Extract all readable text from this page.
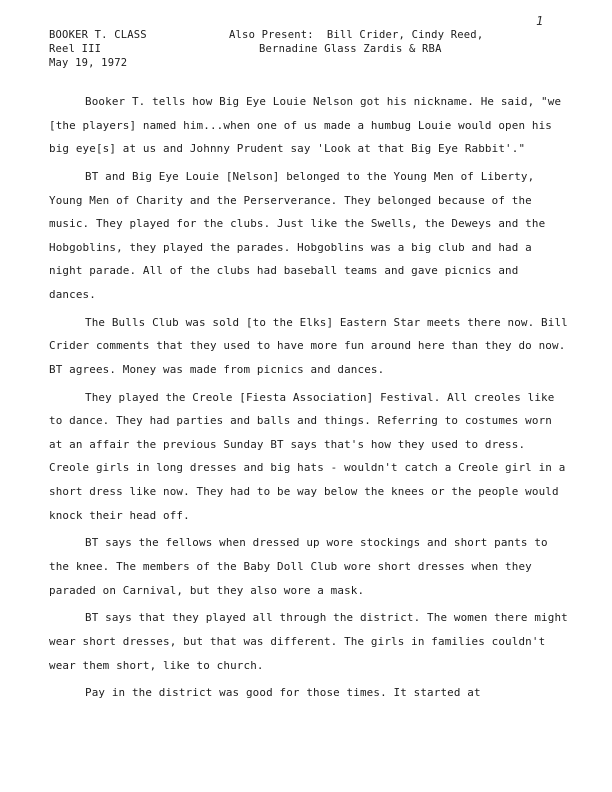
BOOKER T. CLASS
Reel III
May 19, 1972
Also Present:  Bill Crider, Cindy Reed,
Bernadine Glass Zardis & RBA
1

Booker T. tells how Big Eye Louie Nelson got his nickname. He said, "we [the players] named him...when one of us made a humbug Louie would open his big eye[s] at us and Johnny Prudent say 'Look at that Big Eye Rabbit'."

BT and Big Eye Louie [Nelson] belonged to the Young Men of Liberty, Young Men of Charity and the Perserverance. They belonged because of the music. They played for the clubs. Just like the Swells, the Deweys and the Hobgoblins, they played the parades. Hobgoblins was a big club and had a night parade. All of the clubs had baseball teams and gave picnics and dances.

The Bulls Club was sold [to the Elks] Eastern Star meets there now. Bill Crider comments that they used to have more fun around here than they do now. BT agrees. Money was made from picnics and dances.

They played the Creole [Fiesta Association] Festival. All creoles like to dance. They had parties and balls and things. Referring to costumes worn at an affair the previous Sunday BT says that's how they used to dress. Creole girls in long dresses and big hats - wouldn't catch a Creole girl in a short dress like now. They had to be way below the knees or the people would knock their head off.

BT says the fellows when dressed up wore stockings and short pants to the knee. The members of the Baby Doll Club wore short dresses when they paraded on Carnival, but they also wore a mask.

BT says that they played all through the district. The women there might wear short dresses, but that was different. The girls in families couldn't wear them short, like to church.

Pay in the district was good for those times. It started at
